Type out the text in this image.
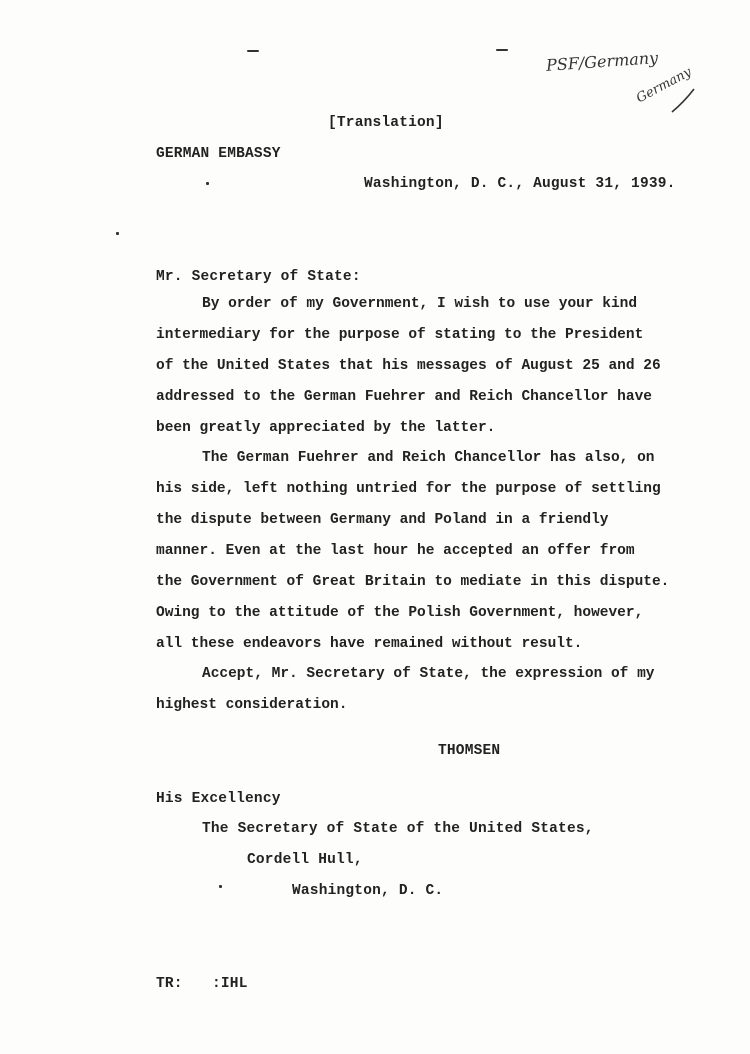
PSF/Germany
Germany
[Translation]
GERMAN EMBASSY
Washington, D. C., August 31, 1939.
Mr. Secretary of State:
By order of my Government, I wish to use your kind
intermediary for the purpose of stating to the President
of the United States that his messages of August 25 and 26
addressed to the German Fuehrer and Reich Chancellor have
been greatly appreciated by the latter.
The German Fuehrer and Reich Chancellor has also, on
his side, left nothing untried for the purpose of settling
the dispute between Germany and Poland in a friendly
manner. Even at the last hour he accepted an offer from
the Government of Great Britain to mediate in this dispute.
Owing to the attitude of the Polish Government, however,
all these endeavors have remained without result.
Accept, Mr. Secretary of State, the expression of my
highest consideration.
THOMSEN
His Excellency
The Secretary of State of the United States,
Cordell Hull,
Washington, D. C.
TR: :IHL
